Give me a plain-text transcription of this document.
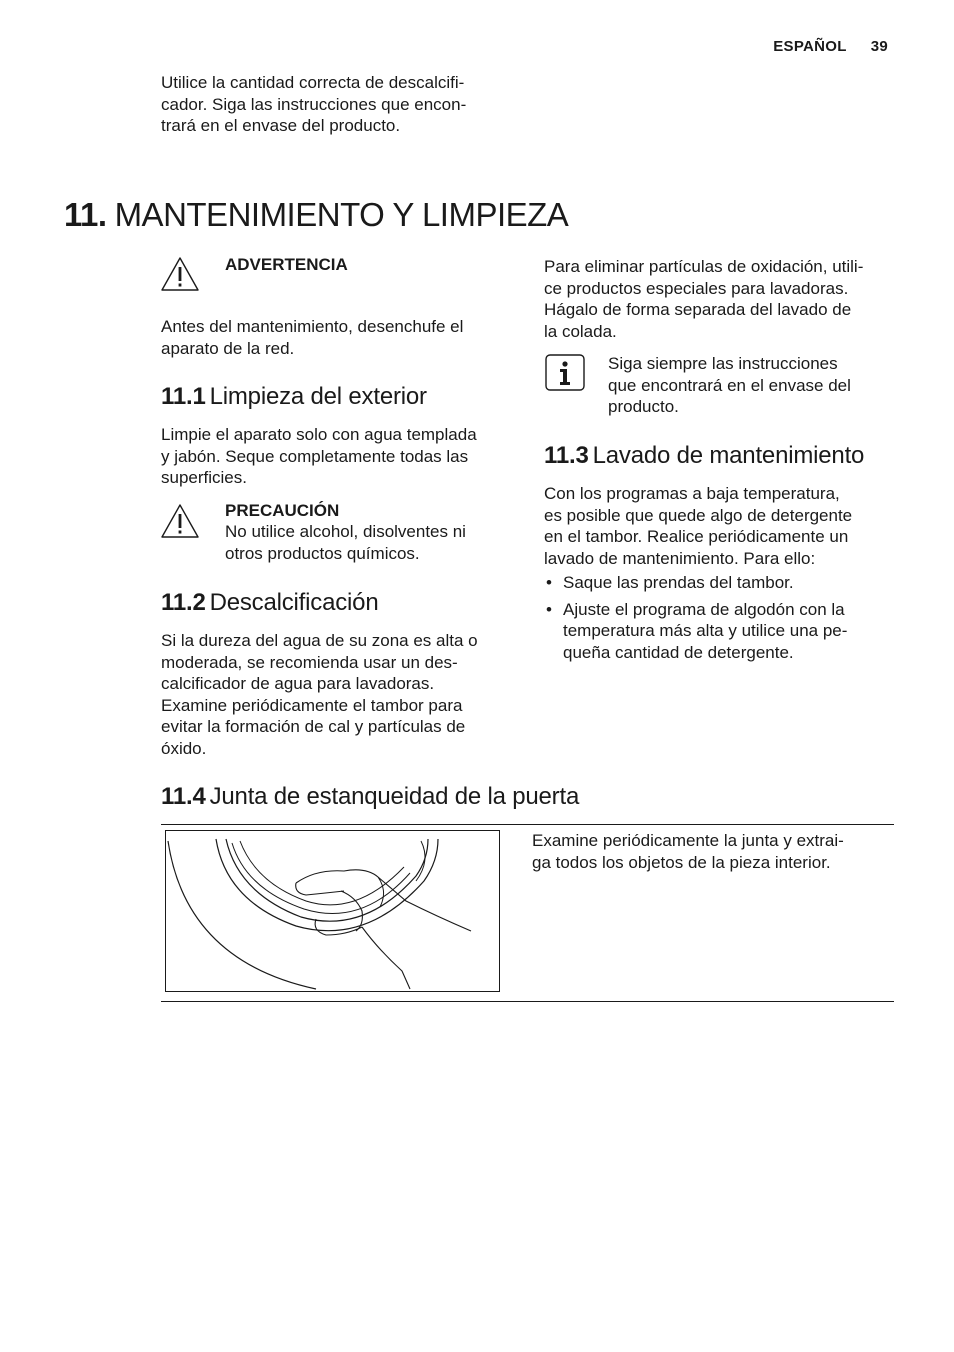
ESPAÑOL 39
Utilice la cantidad correcta de descalcifi-
cador. Siga las instrucciones que encon-
trará en el envase del producto.
11. MANTENIMIENTO Y LIMPIEZA
ADVERTENCIA
Antes del mantenimiento, desenchufe el
aparato de la red.
11.1 Limpieza del exterior
Limpie el aparato solo con agua templada
y jabón. Seque completamente todas las
superficies.
PRECAUCIÓN
No utilice alcohol, disolventes ni
otros productos químicos.
11.2 Descalcificación
Si la dureza del agua de su zona es alta o
moderada, se recomienda usar un des-
calcificador de agua para lavadoras.
Examine periódicamente el tambor para
evitar la formación de cal y partículas de
óxido.
Para eliminar partículas de oxidación, utili-
ce productos especiales para lavadoras.
Hágalo de forma separada del lavado de
la colada.
Siga siempre las instrucciones
que encontrará en el envase del
producto.
11.3 Lavado de mantenimiento
Con los programas a baja temperatura,
es posible que quede algo de detergente
en el tambor. Realice periódicamente un
lavado de mantenimiento. Para ello:
• Saque las prendas del tambor.
• Ajuste el programa de algodón con la
temperatura más alta y utilice una pe-
queña cantidad de detergente.
11.4 Junta de estanqueidad de la puerta
Examine periódicamente la junta y extrai-
ga todos los objetos de la pieza interior.
